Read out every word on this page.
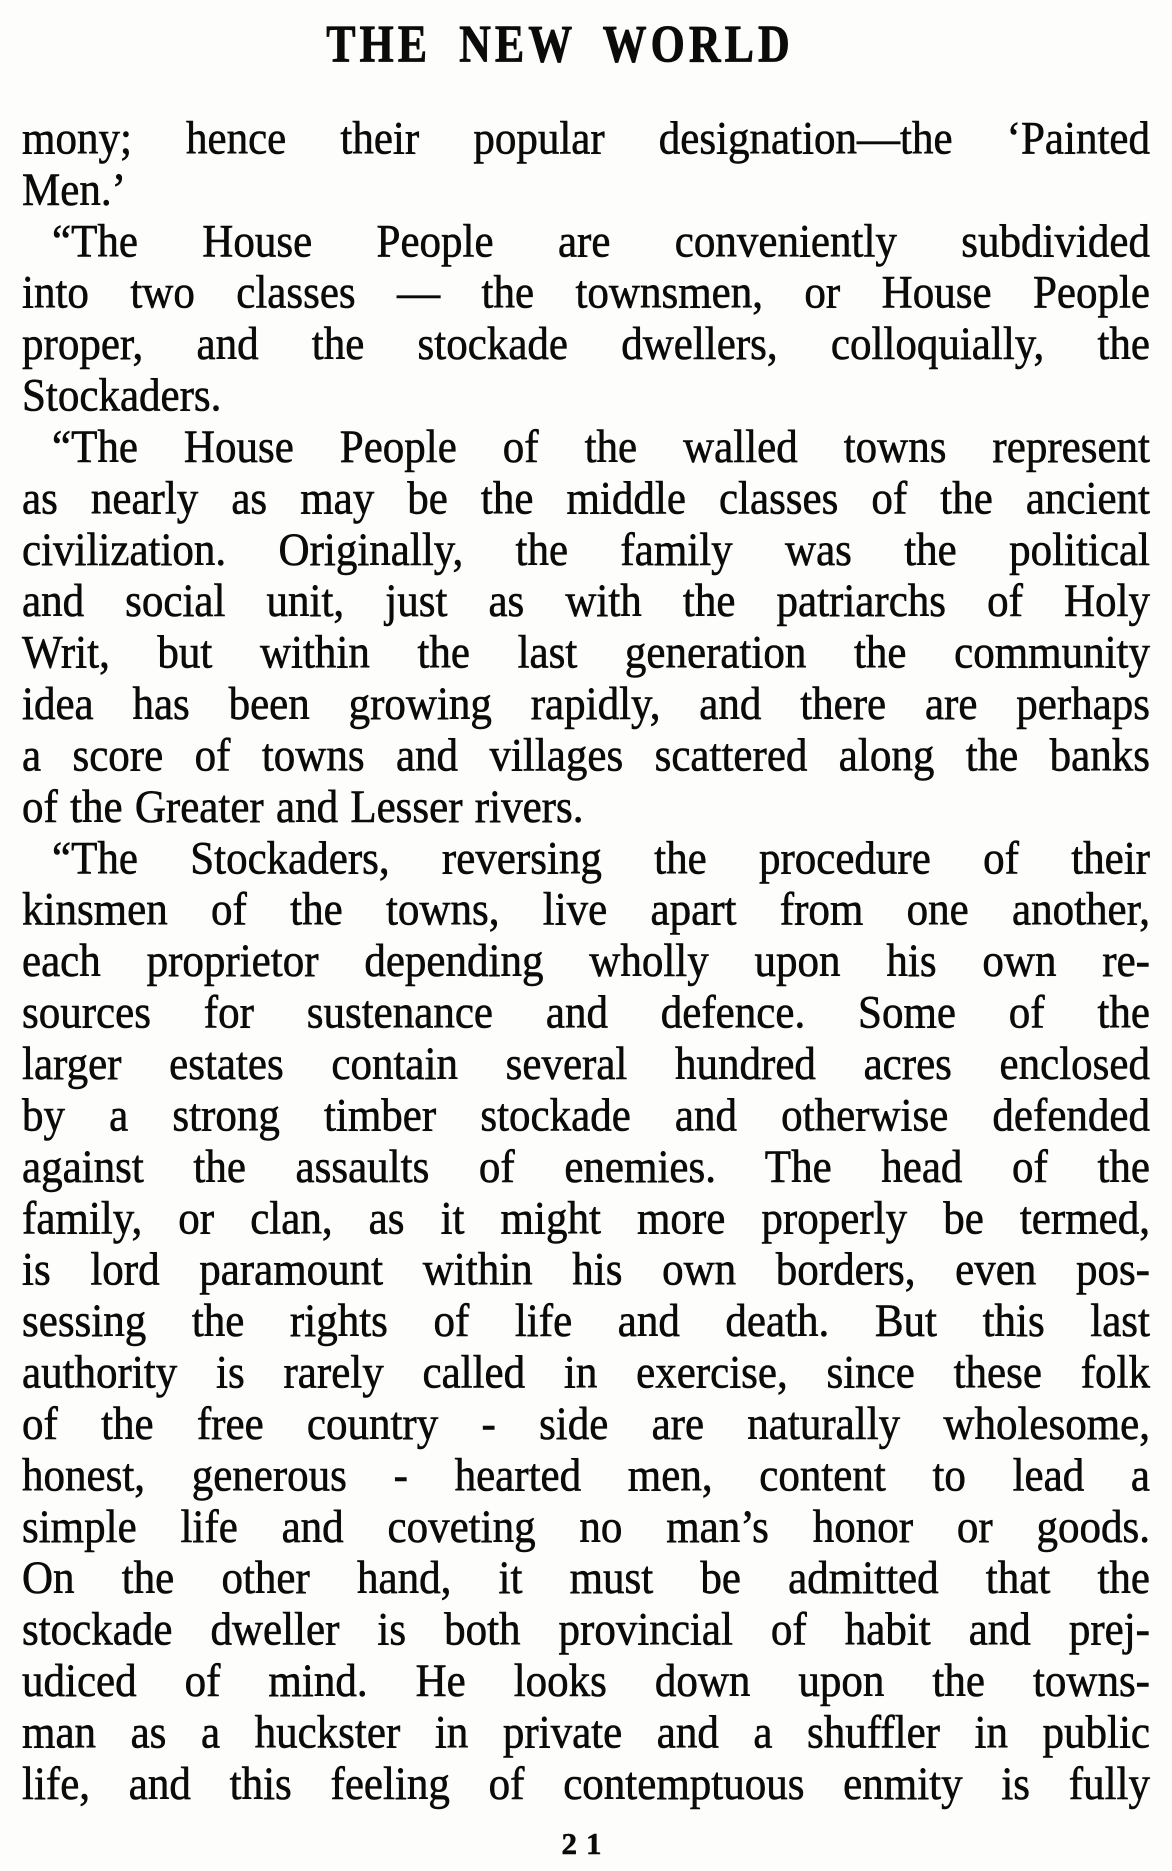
THE NEW WORLD
mony; hence their popular designation—the ‘Painted
Men.’
“The House People are conveniently subdivided
into two classes — the townsmen, or House People
proper, and the stockade dwellers, colloquially, the
Stockaders.
“The House People of the walled towns represent
as nearly as may be the middle classes of the ancient
civilization. Originally, the family was the political
and social unit, just as with the patriarchs of Holy
Writ, but within the last generation the community
idea has been growing rapidly, and there are perhaps
a score of towns and villages scattered along the banks
of the Greater and Lesser rivers.
“The Stockaders, reversing the procedure of their
kinsmen of the towns, live apart from one another,
each proprietor depending wholly upon his own re-
sources for sustenance and defence. Some of the
larger estates contain several hundred acres enclosed
by a strong timber stockade and otherwise defended
against the assaults of enemies. The head of the
family, or clan, as it might more properly be termed,
is lord paramount within his own borders, even pos-
sessing the rights of life and death. But this last
authority is rarely called in exercise, since these folk
of the free country - side are naturally wholesome,
honest, generous - hearted men, content to lead a
simple life and coveting no man’s honor or goods.
On the other hand, it must be admitted that the
stockade dweller is both provincial of habit and prej-
udiced of mind. He looks down upon the towns-
man as a huckster in private and a shuffler in public
life, and this feeling of contemptuous enmity is fully
21
